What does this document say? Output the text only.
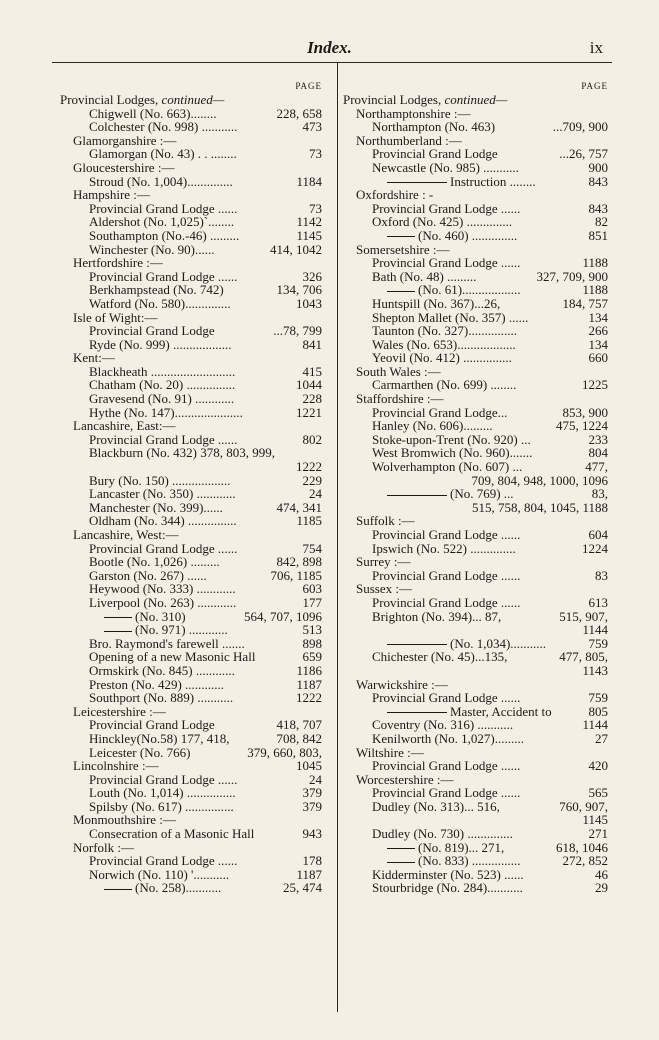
Index.	ix
PAGE
Provincial Lodges, continued—
Chigwell (No. 663)........	228, 658
Colchester (No. 998) ...........	473
Glamorganshire :—
Glamorgan (No. 43) . . ........	73
Gloucestershire :—
Stroud (No. 1,004)..............	1184
Hampshire :—
Provincial Grand Lodge ......	73
Aldershot (No. 1,025)`........	1142
Southampton (No.-46) .........	1145
Winchester (No. 90)......	414, 1042
Hertfordshire :—
Provincial Grand Lodge ......	326
Berkhampstead (No. 742)	134, 706
Watford (No. 580)..............	1043
Isle of Wight:—
Provincial Grand Lodge	...78, 799
Ryde (No. 999) ..................	841
Kent:—
Blackheath ..........................	415
Chatham (No. 20) ...............	1044
Gravesend (No. 91) ............	228
Hythe (No. 147).....................	1221
Lancashire, East:—
Provincial Grand Lodge ......	802
Blackburn (No. 432) 378, 803, 999,
1222
Bury (No. 150) ..................	229
Lancaster (No. 350) ............	24
Manchester (No. 399)......	474, 341
Oldham (No. 344) ...............	1185
Lancashire, West:—
Provincial Grand Lodge ......	754
Bootle (No. 1,026) .........	842, 898
Garston (No. 267) ......	706, 1185
Heywood (No. 333) ............	603
Liverpool (No. 263) ............	177
(No. 310)	564, 707, 1096
(No. 971) ............	513
Bro. Raymond's farewell .......	898
Opening of a new Masonic Hall	659
Ormskirk (No. 845) ............	1186
Preston (No. 429) ............	1187
Southport (No. 889) ...........	1222
Leicestershire :—
Provincial Grand Lodge	418, 707
Hinckley(No.58) 177, 418,	708, 842
Leicester (No. 766)	379, 660, 803,
Lincolnshire :—	1045
Provincial Grand Lodge ......	24
Louth (No. 1,014) ...............	379
Spilsby (No. 617) ...............	379
Monmouthshire :—
Consecration of a Masonic Hall	943
Norfolk :—
Provincial Grand Lodge ......	178
Norwich (No. 110) '...........	1187
(No. 258)...........	25, 474
PAGE
Provincial Lodges, continued—
Northamptonshire :—
Northampton (No. 463)	...709, 900
Northumberland :—
Provincial Grand Lodge	...26, 757
Newcastle (No. 985) ...........	900
Instruction ........	843
Oxfordshire : -
Provincial Grand Lodge ......	843
Oxford (No. 425) ..............	82
(No. 460) ..............	851
Somersetshire :—
Provincial Grand Lodge ......	1188
Bath (No. 48) .........	327, 709, 900
(No. 61)..................	1188
Huntspill (No. 367)...26,	184, 757
Shepton Mallet (No. 357) ......	134
Taunton (No. 327)...............	266
Wales (No. 653)..................	134
Yeovil (No. 412) ...............	660
South Wales :—
Carmarthen (No. 699) ........	1225
Staffordshire :—
Provincial Grand Lodge...	853, 900
Hanley (No. 606).........	475, 1224
Stoke-upon-Trent (No. 920) ...	233
West Bromwich (No. 960).......	804
Wolverhampton (No. 607) ...	477,
709, 804, 948, 1000, 1096
(No. 769) ...	83,
515, 758, 804, 1045, 1188
Suffolk :—
Provincial Grand Lodge ......	604
Ipswich (No. 522) ..............	1224
Surrey :—
Provincial Grand Lodge ......	83
Sussex :—
Provincial Grand Lodge ......	613
Brighton (No. 394)... 87,	515, 907,
1144
(No. 1,034)...........	759
Chichester (No. 45)...135,	477, 805,
1143
Warwickshire :—
Provincial Grand Lodge ......	759
Master, Accident to	805
Coventry (No. 316) ...........	1144
Kenilworth (No. 1,027).........	27
Wiltshire :—
Provincial Grand Lodge ......	420
Worcestershire :—
Provincial Grand Lodge ......	565
Dudley (No. 313)... 516,	760, 907,
1145
Dudley (No. 730) ..............	271
(No. 819)... 271,	618, 1046
(No. 833) ...............	272, 852
Kidderminster (No. 523) ......	46
Stourbridge (No. 284)...........	29
